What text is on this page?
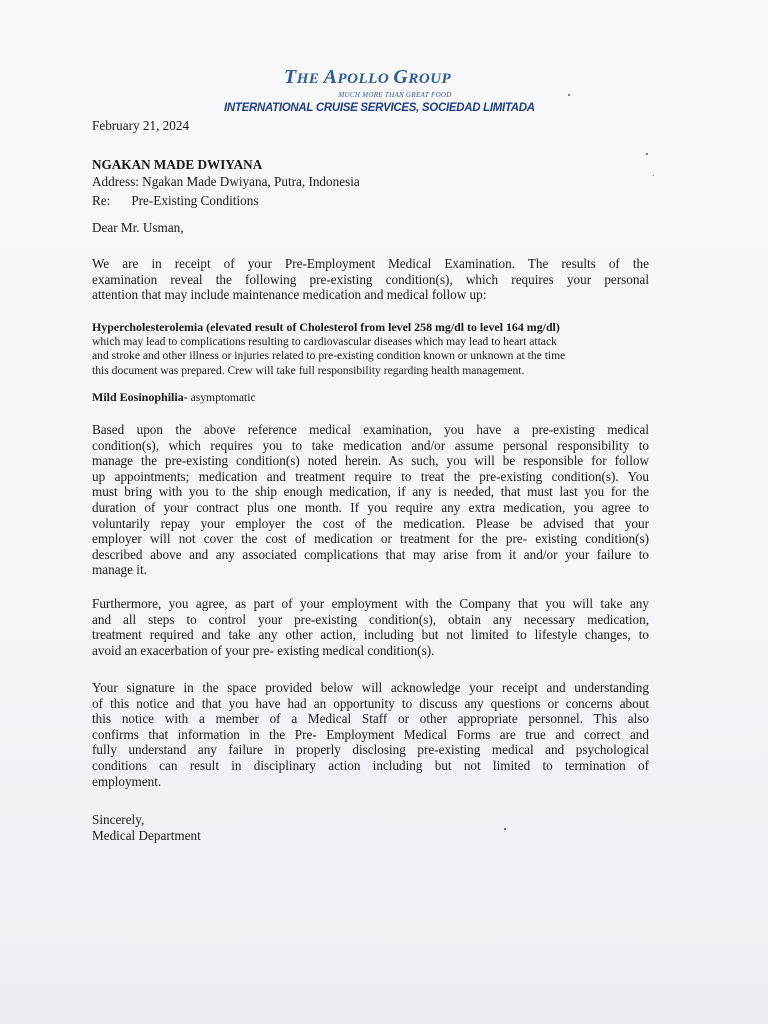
THE APOLLO GROUP
MUCH MORE THAN GREAT FOOD
INTERNATIONAL CRUISE SERVICES, SOCIEDAD LIMITADA
February 21, 2024
NGAKAN MADE DWIYANA
Address: Ngakan Made Dwiyana, Putra, Indonesia
Re: Pre-Existing Conditions
Dear Mr. Usman,

We are in receipt of your Pre-Employment Medical Examination. The results of the

examination reveal the following pre-existing condition(s), which requires your personal

attention that may include maintenance medication and medical follow up:

Hypercholesterolemia (elevated result of Cholesterol from level 258 mg/dl to level 164 mg/dl)

which may lead to complications resulting to cardiovascular diseases which may lead to heart attack

and stroke and other illness or injuries related to pre-existing condition known or unknown at the time

this document was prepared. Crew will take full responsibility regarding health management.

Mild Eosinophilia- asymptomatic

Based upon the above reference medical examination, you have a pre-existing medical

condition(s), which requires you to take medication and/or assume personal responsibility to

manage the pre-existing condition(s) noted herein. As such, you will be responsible for follow

up appointments; medication and treatment require to treat the pre-existing condition(s). You

must bring with you to the ship enough medication, if any is needed, that must last you for the

duration of your contract plus one month. If you require any extra medication, you agree to

voluntarily repay your employer the cost of the medication. Please be advised that your

employer will not cover the cost of medication or treatment for the pre- existing condition(s)

described above and any associated complications that may arise from it and/or your failure to

manage it.

Furthermore, you agree, as part of your employment with the Company that you will take any

and all steps to control your pre-existing condition(s), obtain any necessary medication,

treatment required and take any other action, including but not limited to lifestyle changes, to

avoid an exacerbation of your pre- existing medical condition(s).

Your signature in the space provided below will acknowledge your receipt and understanding

of this notice and that you have had an opportunity to discuss any questions or concerns about

this notice with a member of a Medical Staff or other appropriate personnel. This also

confirms that information in the Pre- Employment Medical Forms are true and correct and

fully understand any failure in properly disclosing pre-existing medical and psychological

conditions can result in disciplinary action including but not limited to termination of

employment.

Sincerely,
Medical Department
